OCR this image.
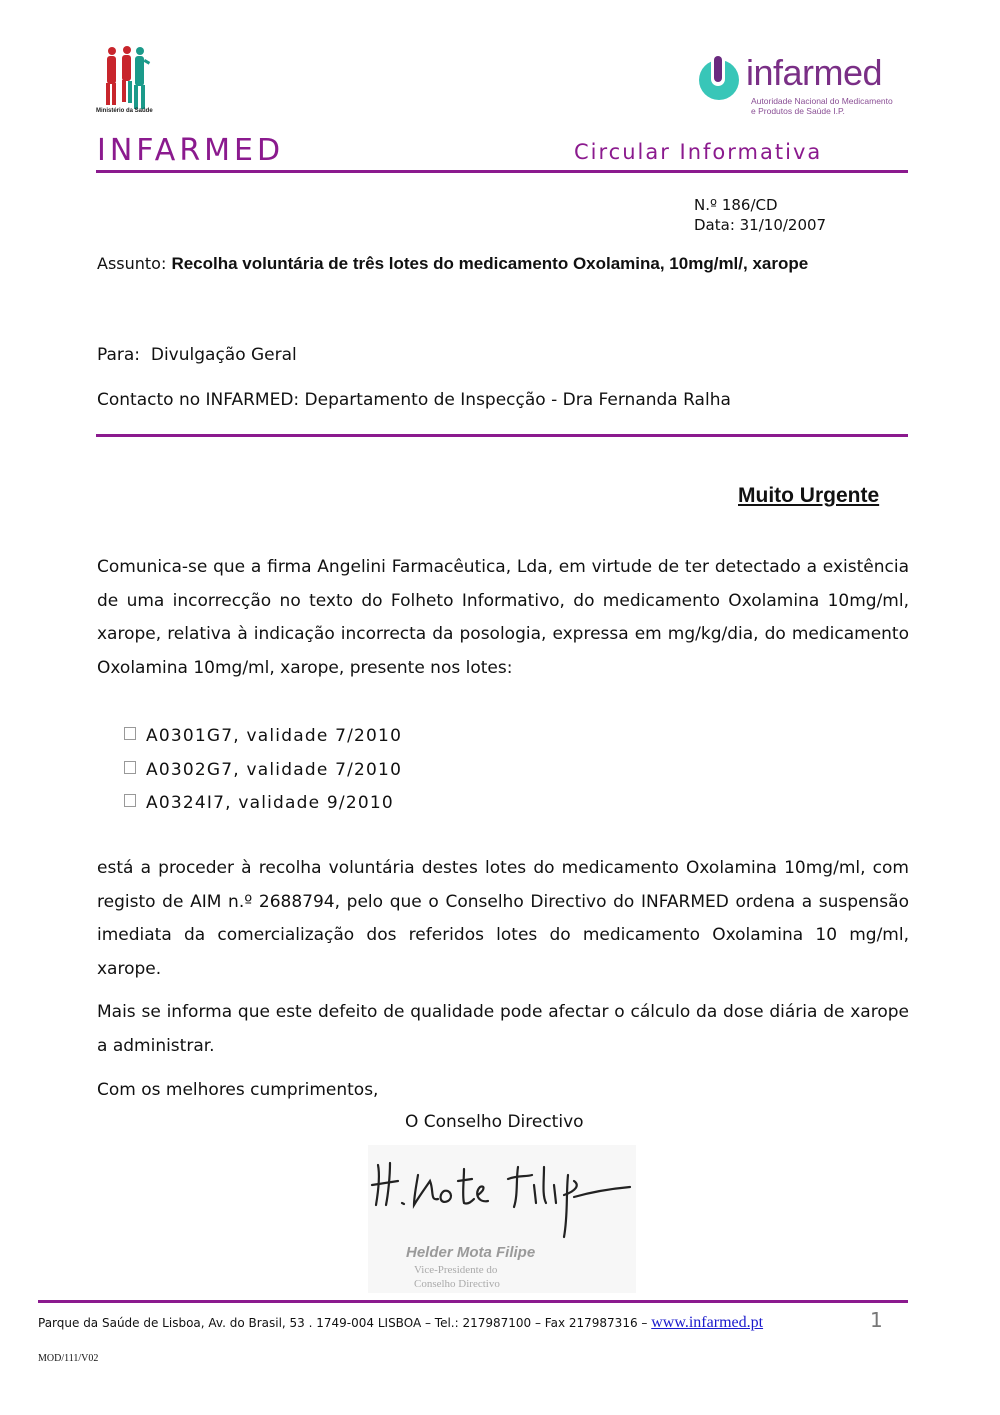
Ministério da Saúde
infarmed
Autoridade Nacional do Medicamento
e Produtos de Saúde I.P.
INFARMED	Circular Informativa
N.º 186/CD
Data: 31/10/2007
Assunto: Recolha voluntária de três lotes do medicamento Oxolamina, 10mg/ml/, xarope
Para: Divulgação Geral
Contacto no INFARMED: Departamento de Inspecção - Dra Fernanda Ralha
Muito Urgente
Comunica-se que a firma Angelini Farmacêutica, Lda, em virtude de ter detectado a existência de uma incorrecção no texto do Folheto Informativo, do medicamento Oxolamina 10mg/ml, xarope, relativa à indicação incorrecta da posologia, expressa em mg/kg/dia, do medicamento Oxolamina 10mg/ml, xarope, presente nos lotes:
A0301G7, validade 7/2010
A0302G7, validade 7/2010
A0324I7, validade 9/2010
está a proceder à recolha voluntária destes lotes do medicamento Oxolamina 10mg/ml, com registo de AIM n.º 2688794, pelo que o Conselho Directivo do INFARMED ordena a suspensão imediata da comercialização dos referidos lotes do medicamento Oxolamina 10 mg/ml, xarope.
Mais se informa que este defeito de qualidade pode afectar o cálculo da dose diária de xarope a administrar.
Com os melhores cumprimentos,
O Conselho Directivo
Helder Mota Filipe
Vice-Presidente do
Conselho Directivo
Parque da Saúde de Lisboa, Av. do Brasil, 53 . 1749-004 LISBOA – Tel.: 217987100 – Fax 217987316 – www.infarmed.pt	1
MOD/111/V02
